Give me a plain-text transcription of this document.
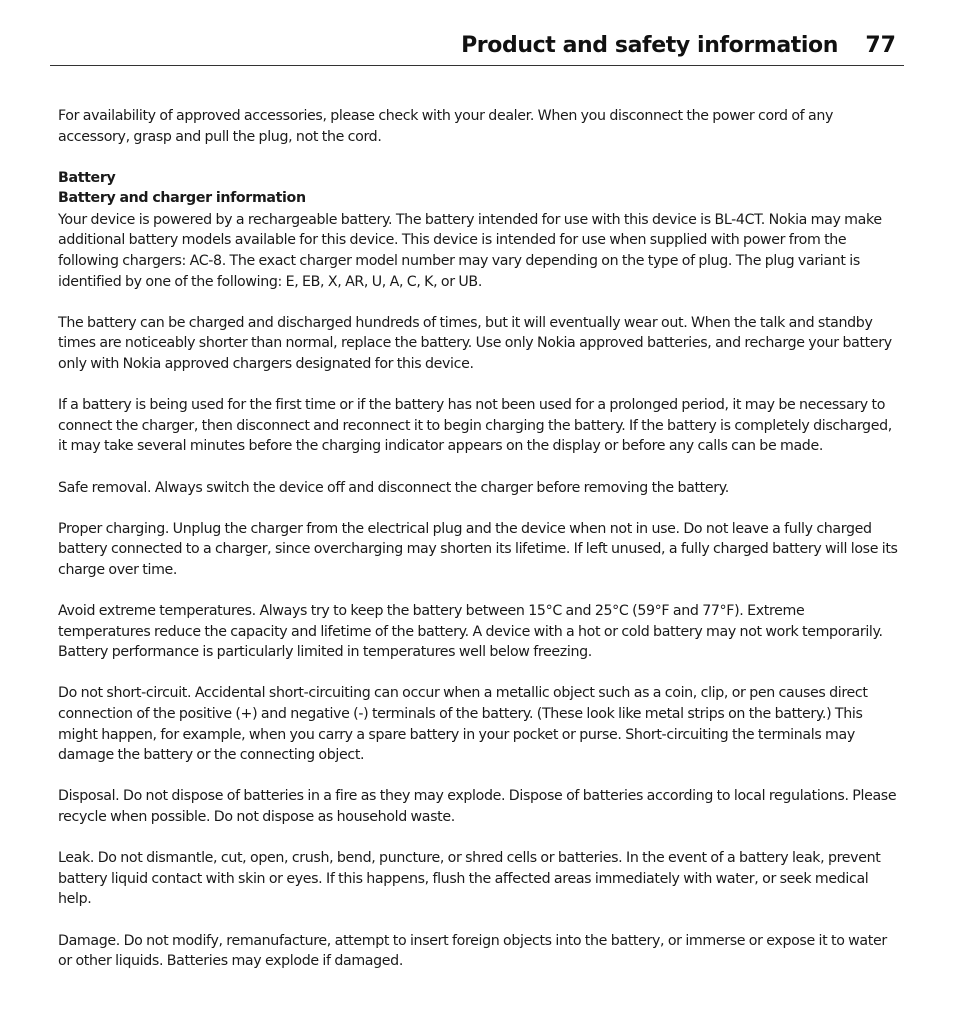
Product and safety information 77

For availability of approved accessories, please check with your dealer. When you disconnect the power cord of any accessory, grasp and pull the plug, not the cord.

Battery
Battery and charger information

Your device is powered by a rechargeable battery. The battery intended for use with this device is BL-4CT. Nokia may make additional battery models available for this device. This device is intended for use when supplied with power from the following chargers: AC-8. The exact charger model number may vary depending on the type of plug. The plug variant is identified by one of the following: E, EB, X, AR, U, A, C, K, or UB.

The battery can be charged and discharged hundreds of times, but it will eventually wear out. When the talk and standby times are noticeably shorter than normal, replace the battery. Use only Nokia approved batteries, and recharge your battery only with Nokia approved chargers designated for this device.

If a battery is being used for the first time or if the battery has not been used for a prolonged period, it may be necessary to connect the charger, then disconnect and reconnect it to begin charging the battery. If the battery is completely discharged, it may take several minutes before the charging indicator appears on the display or before any calls can be made.

Safe removal. Always switch the device off and disconnect the charger before removing the battery.

Proper charging. Unplug the charger from the electrical plug and the device when not in use. Do not leave a fully charged battery connected to a charger, since overcharging may shorten its lifetime. If left unused, a fully charged battery will lose its charge over time.

Avoid extreme temperatures. Always try to keep the battery between 15°C and 25°C (59°F and 77°F). Extreme temperatures reduce the capacity and lifetime of the battery. A device with a hot or cold battery may not work temporarily. Battery performance is particularly limited in temperatures well below freezing.

Do not short-circuit. Accidental short-circuiting can occur when a metallic object such as a coin, clip, or pen causes direct connection of the positive (+) and negative (-) terminals of the battery. (These look like metal strips on the battery.) This might happen, for example, when you carry a spare battery in your pocket or purse. Short-circuiting the terminals may damage the battery or the connecting object.

Disposal. Do not dispose of batteries in a fire as they may explode. Dispose of batteries according to local regulations. Please recycle when possible. Do not dispose as household waste.

Leak. Do not dismantle, cut, open, crush, bend, puncture, or shred cells or batteries. In the event of a battery leak, prevent battery liquid contact with skin or eyes. If this happens, flush the affected areas immediately with water, or seek medical help.

Damage. Do not modify, remanufacture, attempt to insert foreign objects into the battery, or immerse or expose it to water or other liquids. Batteries may explode if damaged.
